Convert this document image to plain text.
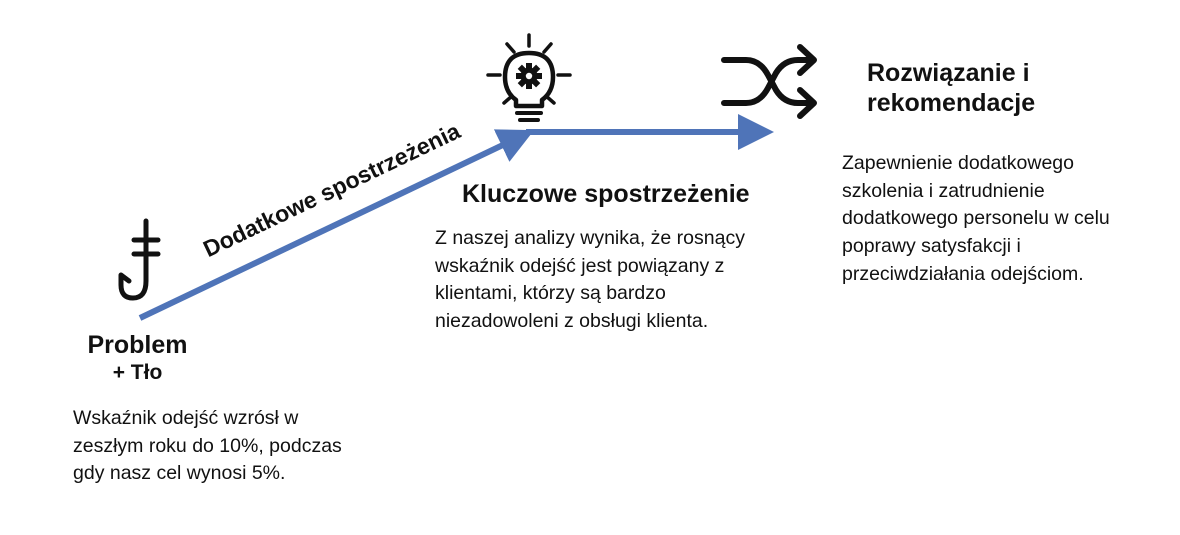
Dodatkowe spostrzeżenia

Problem

+ Tło

Wskaźnik odejść wzrósł w
zeszłym roku do 10%, podczas
gdy nasz cel wynosi 5%.

Kluczowe spostrzeżenie

Z naszej analizy wynika, że rosnący
wskaźnik odejść jest powiązany z
klientami, którzy są bardzo
niezadowoleni z obsługi klienta.

Rozwiązanie i

rekomendacje

Zapewnienie dodatkowego
szkolenia i zatrudnienie
dodatkowego personelu w celu
poprawy satysfakcji i
przeciwdziałania odejściom.
